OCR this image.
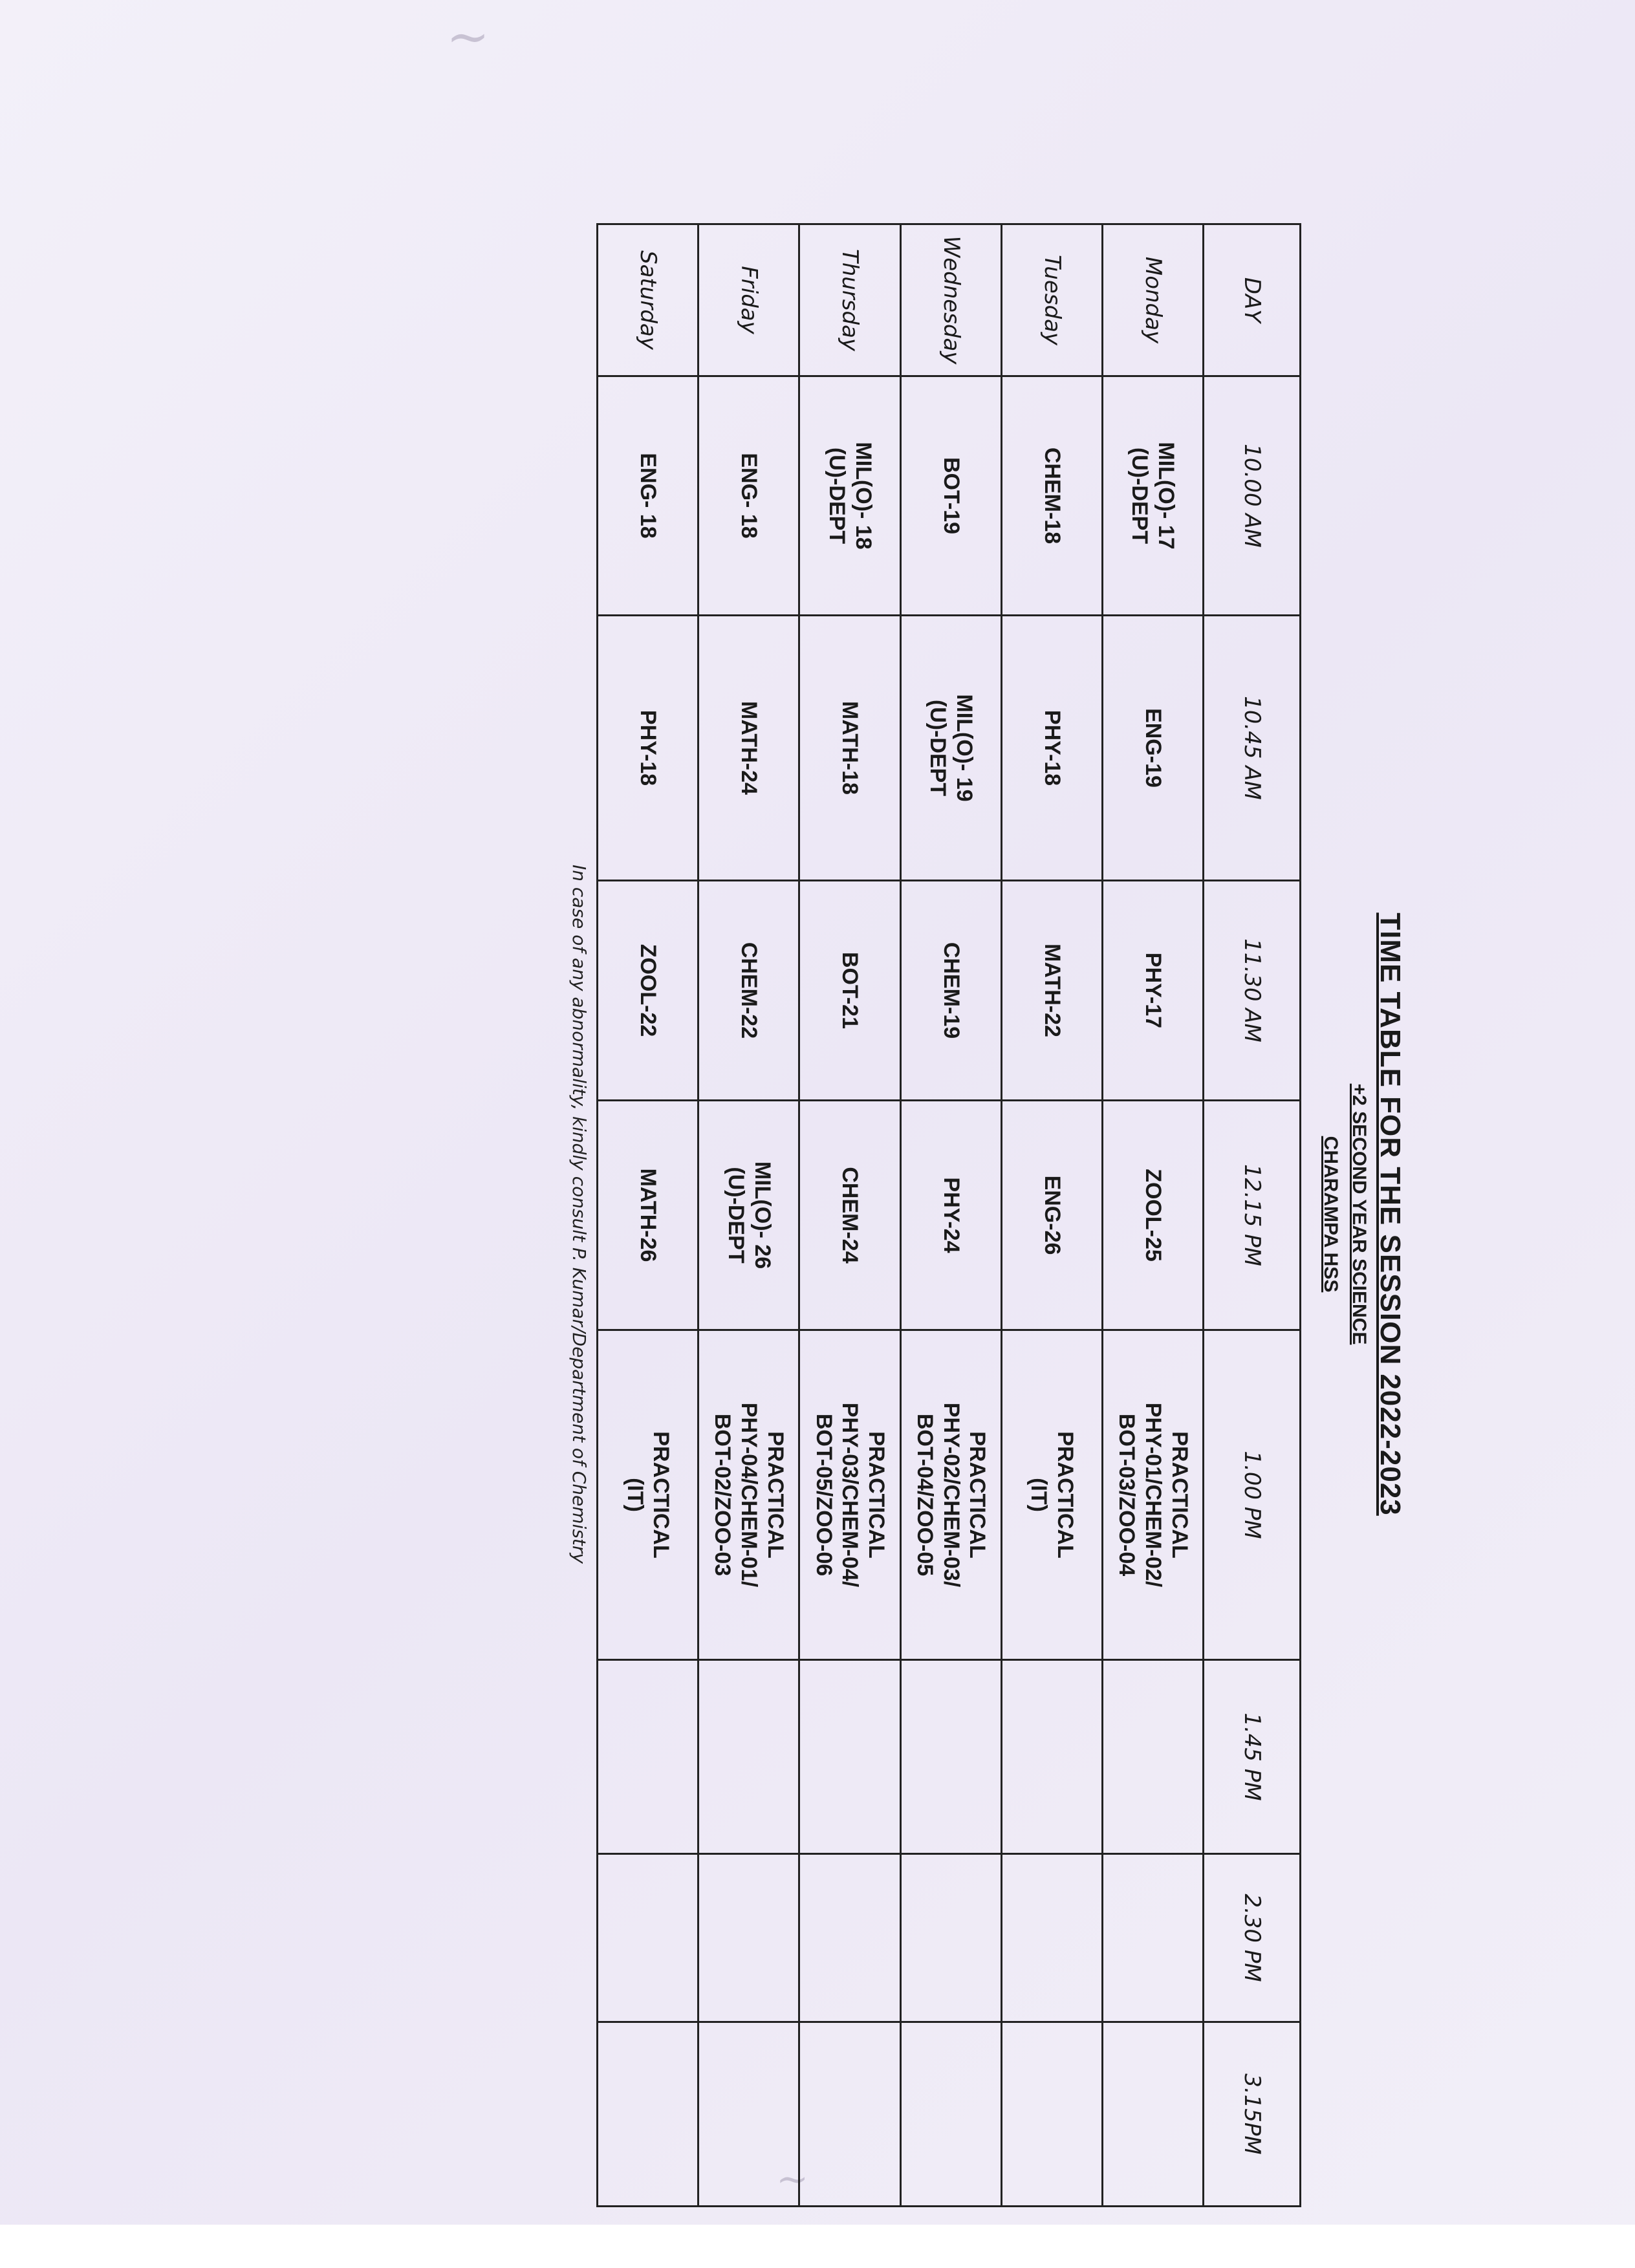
~
~
TIME TABLE FOR THE SESSION 2022-2023
+2 SECOND YEAR SCIENCE
CHARAMPA HSS
DAY	10.00 AM	10.45 AM	11.30 AM	12.15 PM	1.00 PM	1.45 PM	2.30 PM	3.15PM
Monday	MIL(O)- 17
(U)-DEPT	ENG-19	PHY-17	ZOOL-25	PRACTICAL
PHY-01/CHEM-02/
BOT-03/ZOO-04			

Tuesday	CHEM-18	PHY-18	MATH-22	ENG-26	PRACTICAL
(IT)			

Wednesday	BOT-19	MIL(O)- 19
(U)-DEPT	CHEM-19	PHY-24	PRACTICAL
PHY-02/CHEM-03/
BOT-04/ZOO-05			

Thursday	MIL(O)- 18
(U)-DEPT	MATH-18	BOT-21	CHEM-24	PRACTICAL
PHY-03/CHEM-04/
BOT-05/ZOO-06			

Friday	ENG- 18	MATH-24	CHEM-22	MIL(O)- 26
(U)-DEPT	PRACTICAL
PHY-04/CHEM-01/
BOT-02/ZOO-03			

Saturday	ENG- 18	PHY-18	ZOOL-22	MATH-26	PRACTICAL
(IT)			

In case of any abnormality, kindly consult P. Kumar/Department of Chemistry
